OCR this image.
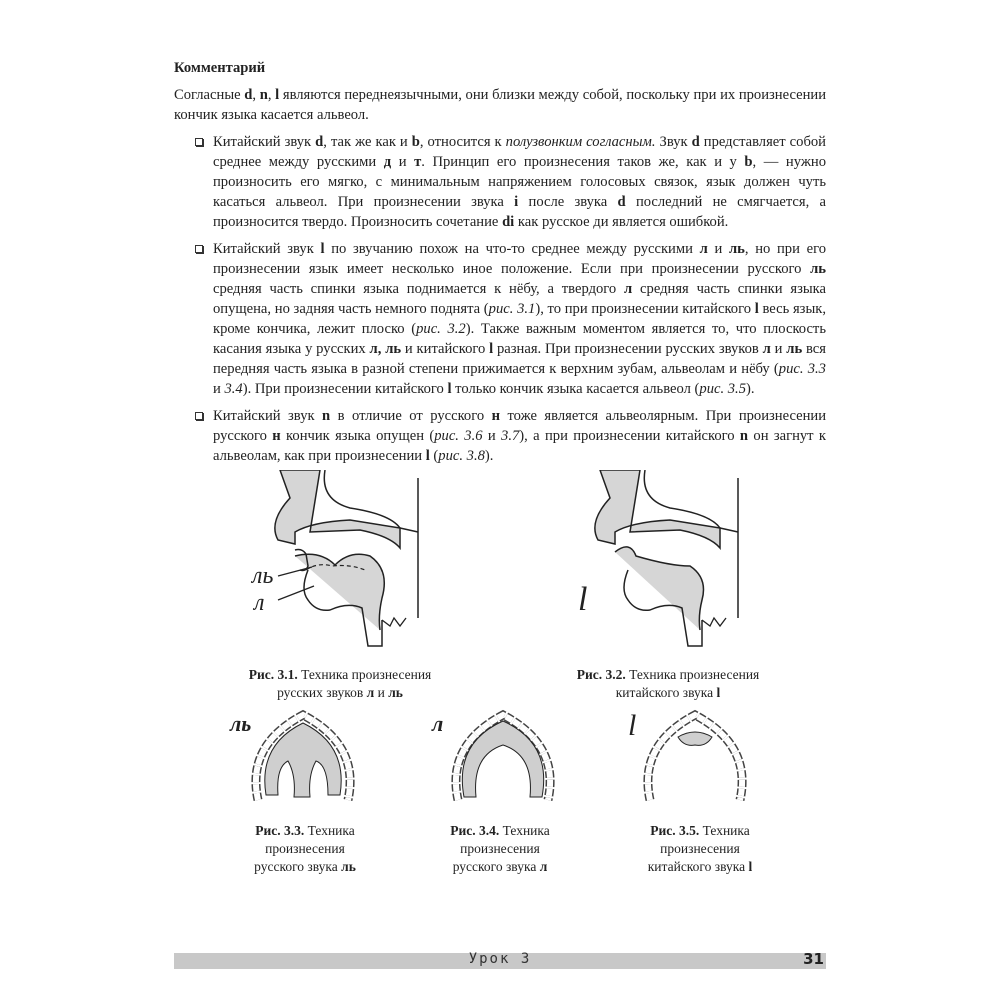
Комментарий

Согласные d, n, l являются переднеязычными, они близки между собой, поскольку при их произнесении кончик языка касается альвеол.

Китайский звук d, так же как и b, относится к полузвонким согласным. Звук d представляет собой среднее между русскими д и т. Принцип его произнесения таков же, как и у b, — нужно произносить его мягко, с минимальным напряжением голосовых связок, язык должен чуть касаться альвеол. При произнесении звука i после звука d последний не смягчается, а произносится твердо. Произносить сочетание di как русское ди является ошибкой.
Китайский звук l по звучанию похож на что-то среднее между русскими л и ль, но при его произнесении язык имеет несколько иное положение. Если при произнесении русского ль средняя часть спинки языка поднимается к нёбу, а твердого л средняя часть спинки языка опущена, но задняя часть немного поднята (рис. 3.1), то при произнесении китайского l весь язык, кроме кончика, лежит плоско (рис. 3.2). Также важным моментом является то, что плоскость касания языка у русских л, ль и китайского l разная. При произнесении русских звуков л и ль вся передняя часть языка в разной степени прижимается к верхним зубам, альвеолам и нёбу (рис. 3.3 и 3.4). При произнесении китайского l только кончик языка касается альвеол (рис. 3.5).
Китайский звук n в отличие от русского н тоже является альвеолярным. При произнесении русского н кончик языка опущен (рис. 3.6 и 3.7), а при произнесении китайского n он загнут к альвеолам, как при произнесении l (рис. 3.8).
ль
л
Рис. 3.1. Техника произнесения
русских звуков л и ль
l
Рис. 3.2. Техника произнесения
китайского звука l
ль
Рис. 3.3. Техника
произнесения
русского звука ль
л
Рис. 3.4. Техника
произнесения
русского звука л
l
Рис. 3.5. Техника
произнесения
китайского звука l
Урок 3	31
